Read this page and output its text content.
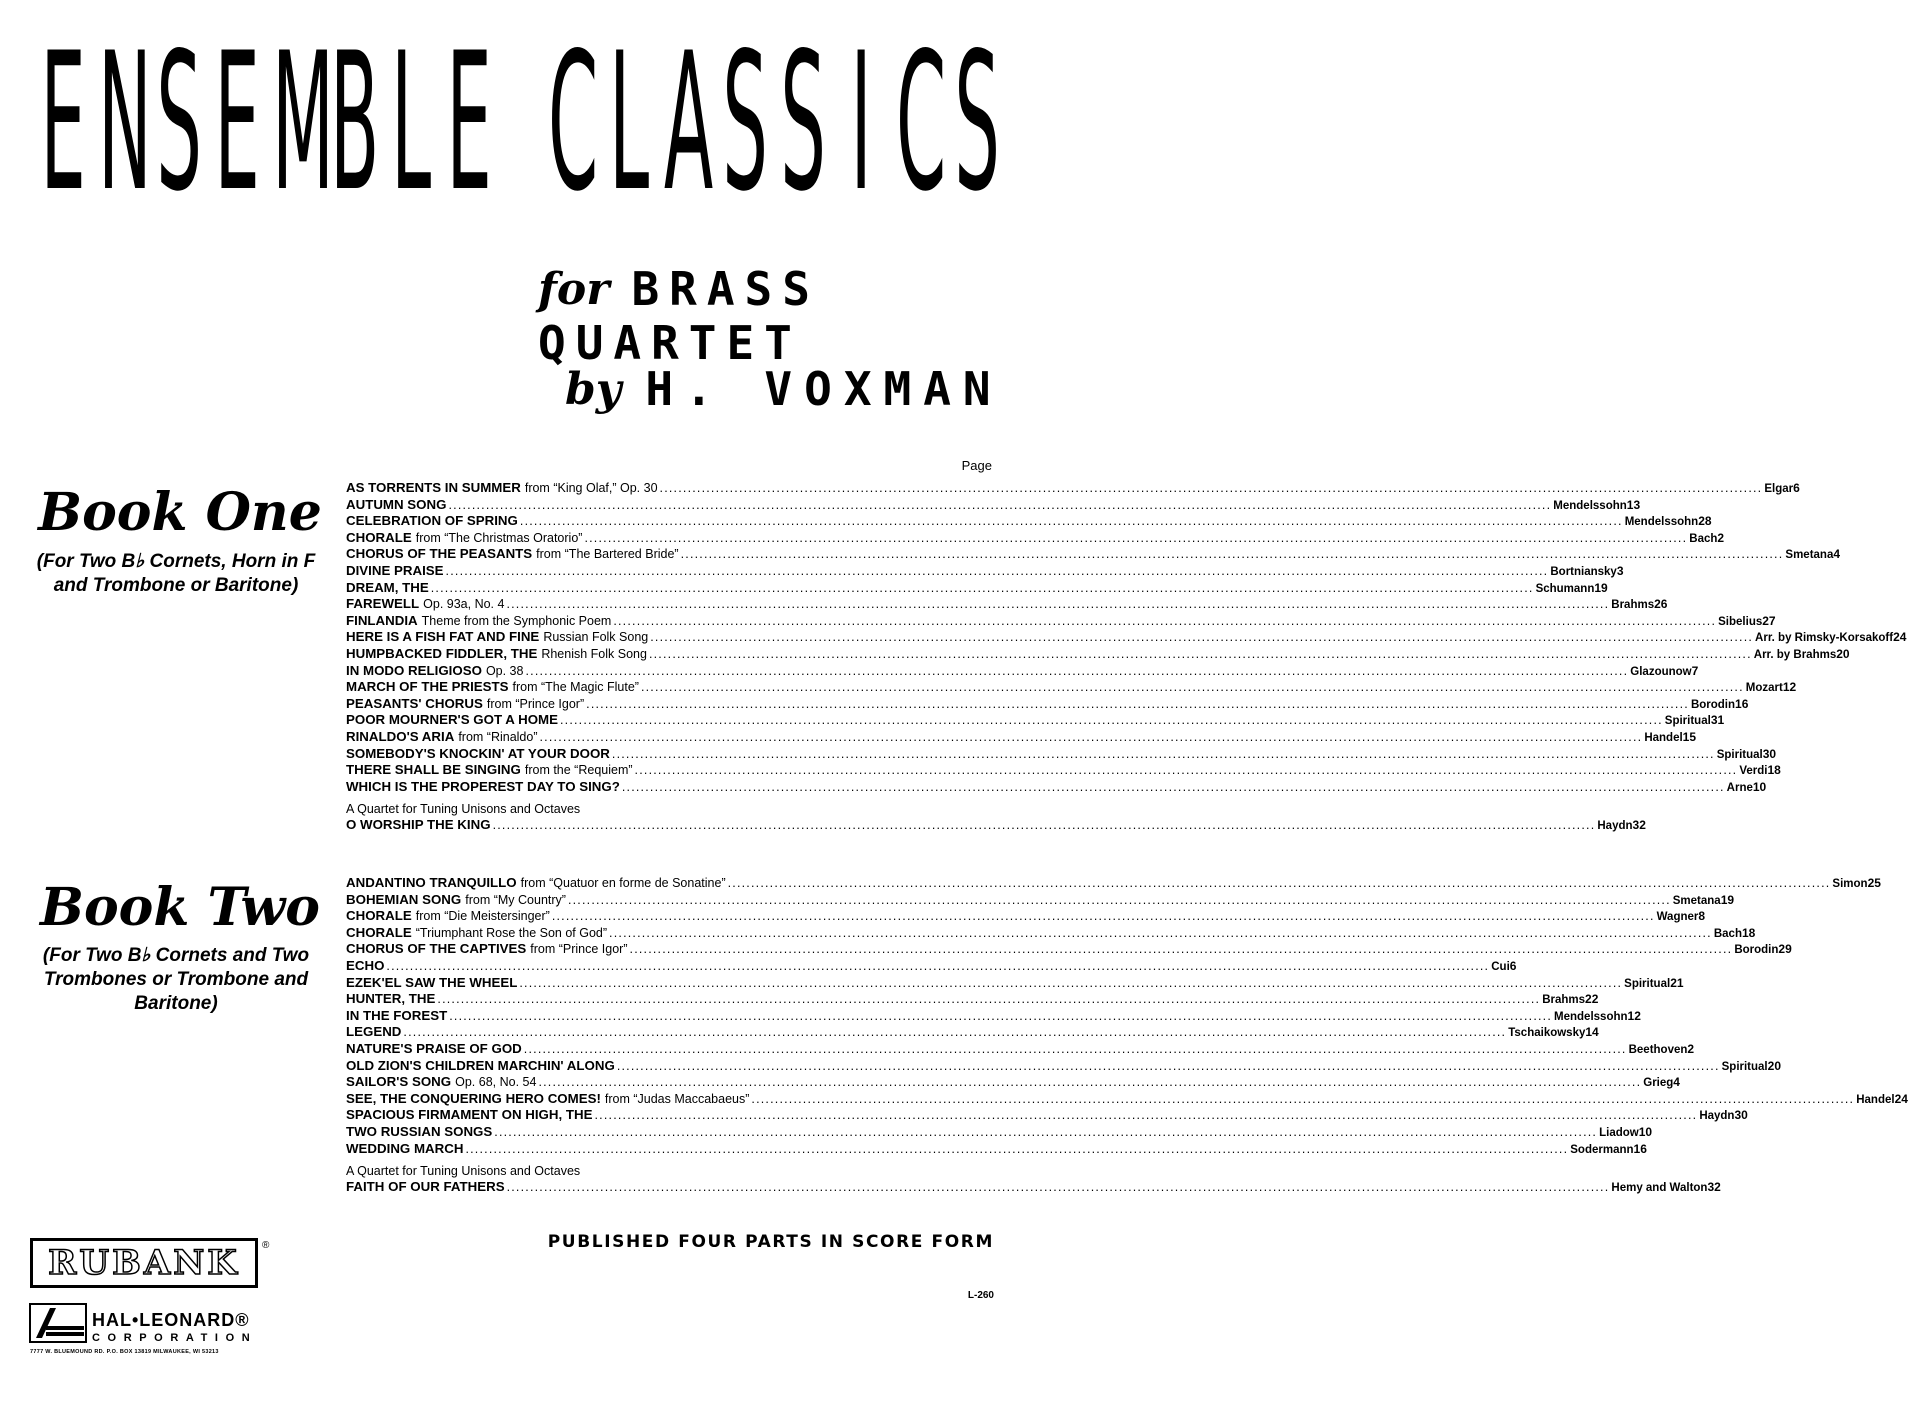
E N S E M
B L E C L A S S I C S
for BRASS QUARTET
by H. VOXMAN
Book One
(For Two B♭ Cornets, Horn in F and Trombone or Baritone)
Page
AS TORRENTS IN SUMMER from “King Olaf,” Op. 30 .....	Elgar 6
AUTUMN SONG .....	Mendelssohn 13
CELEBRATION OF SPRING .....	Mendelssohn 28
CHORALE from “The Christmas Oratorio” .....	Bach 2
CHORUS OF THE PEASANTS from “The Bartered Bride” .....	Smetana 4
DIVINE PRAISE .....	Bortniansky 3
DREAM, THE .....	Schumann 19
FAREWELL Op. 93a, No. 4 .....	Brahms 26
FINLANDIA Theme from the Symphonic Poem .....	Sibelius 27
HERE IS A FISH FAT AND FINE Russian Folk Song .....	Arr. by Rimsky-Korsakoff 24
HUMPBACKED FIDDLER, THE Rhenish Folk Song .....	Arr. by Brahms 20
IN MODO RELIGIOSO Op. 38 .....	Glazounow 7
MARCH OF THE PRIESTS from “The Magic Flute” .....	Mozart 12
PEASANTS' CHORUS from “Prince Igor” .....	Borodin 16
POOR MOURNER'S GOT A HOME .....	Spiritual 31
RINALDO'S ARIA from “Rinaldo” .....	Handel 15
SOMEBODY'S KNOCKIN' AT YOUR DOOR .....	Spiritual 30
THERE SHALL BE SINGING from the “Requiem” .....	Verdi 18
WHICH IS THE PROPEREST DAY TO SING? .....	Arne 10
A Quartet for Tuning Unisons and Octaves
O WORSHIP THE KING .....	Haydn 32
Book Two
(For Two B♭ Cornets and Two Trombones or Trombone and Baritone)
ANDANTINO TRANQUILLO from “Quatuor en forme de Sonatine” .....	Simon 25
BOHEMIAN SONG from “My Country” .....	Smetana 19
CHORALE from “Die Meistersinger” .....	Wagner 8
CHORALE “Triumphant Rose the Son of God” .....	Bach 18
CHORUS OF THE CAPTIVES from “Prince Igor” .....	Borodin 29
ECHO .....	Cui 6
EZEK'EL SAW THE WHEEL .....	Spiritual 21
HUNTER, THE .....	Brahms 22
IN THE FOREST .....	Mendelssohn 12
LEGEND .....	Tschaikowsky 14
NATURE'S PRAISE OF GOD .....	Beethoven 2
OLD ZION'S CHILDREN MARCHIN' ALONG .....	Spiritual 20
SAILOR'S SONG Op. 68, No. 54 .....	Grieg 4
SEE, THE CONQUERING HERO COMES! from “Judas Maccabaeus” .....	Handel 24
SPACIOUS FIRMAMENT ON HIGH, THE .....	Haydn 30
TWO RUSSIAN SONGS .....	Liadow 10
WEDDING MARCH .....	Sodermann 16
A Quartet for Tuning Unisons and Octaves
FAITH OF OUR FATHERS .....	Hemy and Walton 32
PUBLISHED FOUR PARTS IN SCORE FORM
L-260
RUBANK	®
HAL•LEONARD®
CORPORATION
7777 W. BLUEMOUND RD. P.O. BOX 13819 MILWAUKEE, WI 53213
